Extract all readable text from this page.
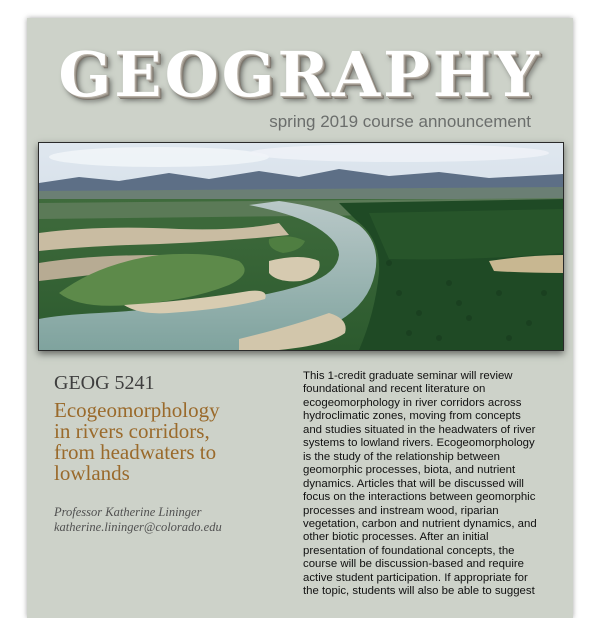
GEOGRAPHY
spring 2019 course announcement
GEOG 5241
Ecogeomorphology
in rivers corridors,
from headwaters to
lowlands
Professor Katherine Lininger
katherine.lininger@colorado.edu
This 1-credit graduate seminar will review
foundational and recent literature on
ecogeomorphology in river corridors across
hydroclimatic zones, moving from concepts
and studies situated in the headwaters of river
systems to lowland rivers. Ecogeomorphology
is the study of the relationship between
geomorphic processes, biota, and nutrient
dynamics. Articles that will be discussed will
focus on the interactions between geomorphic
processes and instream wood, riparian
vegetation, carbon and nutrient dynamics, and
other biotic processes. After an initial
presentation of foundational concepts, the
course will be discussion-based and require
active student participation. If appropriate for
the topic, students will also be able to suggest
